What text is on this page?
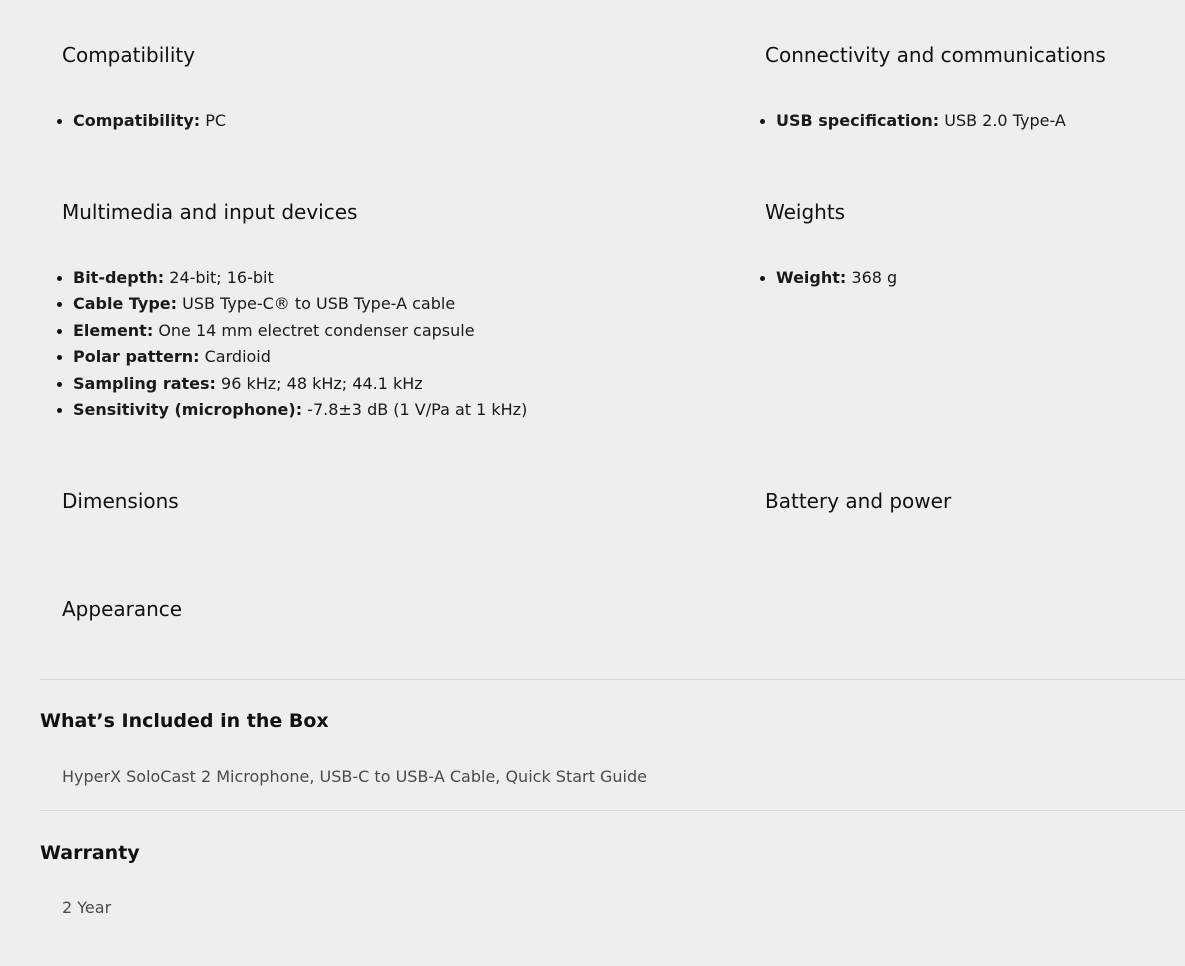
Compatibility
Compatibility: PC
Connectivity and communications
USB specification: USB 2.0 Type-A
Multimedia and input devices
Bit-depth: 24-bit; 16-bit
Cable Type: USB Type-C® to USB Type-A cable
Element: One 14 mm electret condenser capsule
Polar pattern: Cardioid
Sampling rates: 96 kHz; 48 kHz; 44.1 kHz
Sensitivity (microphone): -7.8±3 dB (1 V/Pa at 1 kHz)
Weights
Weight: 368 g
Dimensions	Battery and power
Appearance
What’s Included in the Box

HyperX SoloCast 2 Microphone, USB-C to USB-A Cable, Quick Start Guide

Warranty

2 Year
